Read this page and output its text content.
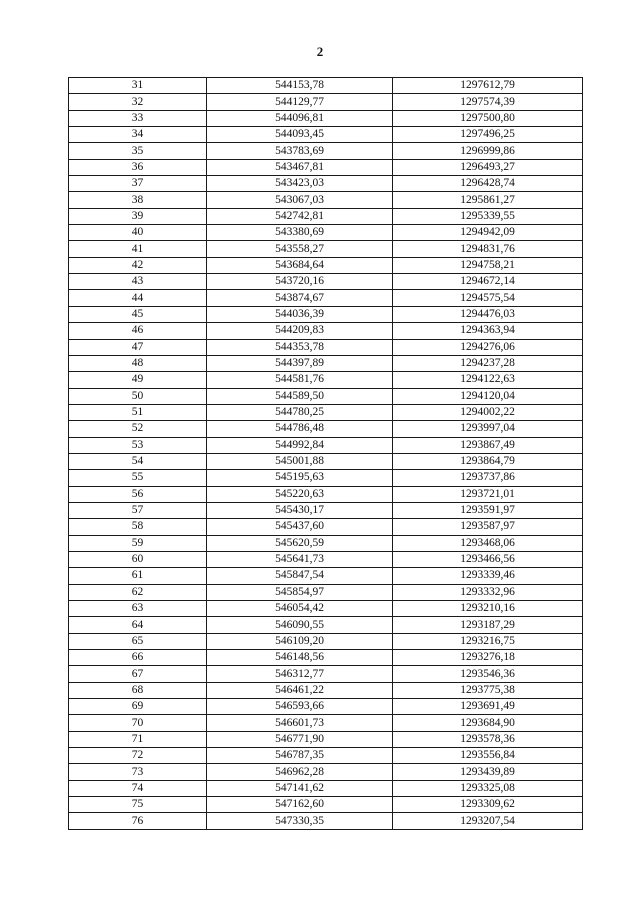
2
31	544153,78	1297612,79
32	544129,77	1297574,39
33	544096,81	1297500,80
34	544093,45	1297496,25
35	543783,69	1296999,86
36	543467,81	1296493,27
37	543423,03	1296428,74
38	543067,03	1295861,27
39	542742,81	1295339,55
40	543380,69	1294942,09
41	543558,27	1294831,76
42	543684,64	1294758,21
43	543720,16	1294672,14
44	543874,67	1294575,54
45	544036,39	1294476,03
46	544209,83	1294363,94
47	544353,78	1294276,06
48	544397,89	1294237,28
49	544581,76	1294122,63
50	544589,50	1294120,04
51	544780,25	1294002,22
52	544786,48	1293997,04
53	544992,84	1293867,49
54	545001,88	1293864,79
55	545195,63	1293737,86
56	545220,63	1293721,01
57	545430,17	1293591,97
58	545437,60	1293587,97
59	545620,59	1293468,06
60	545641,73	1293466,56
61	545847,54	1293339,46
62	545854,97	1293332,96
63	546054,42	1293210,16
64	546090,55	1293187,29
65	546109,20	1293216,75
66	546148,56	1293276,18
67	546312,77	1293546,36
68	546461,22	1293775,38
69	546593,66	1293691,49
70	546601,73	1293684,90
71	546771,90	1293578,36
72	546787,35	1293556,84
73	546962,28	1293439,89
74	547141,62	1293325,08
75	547162,60	1293309,62
76	547330,35	1293207,54
